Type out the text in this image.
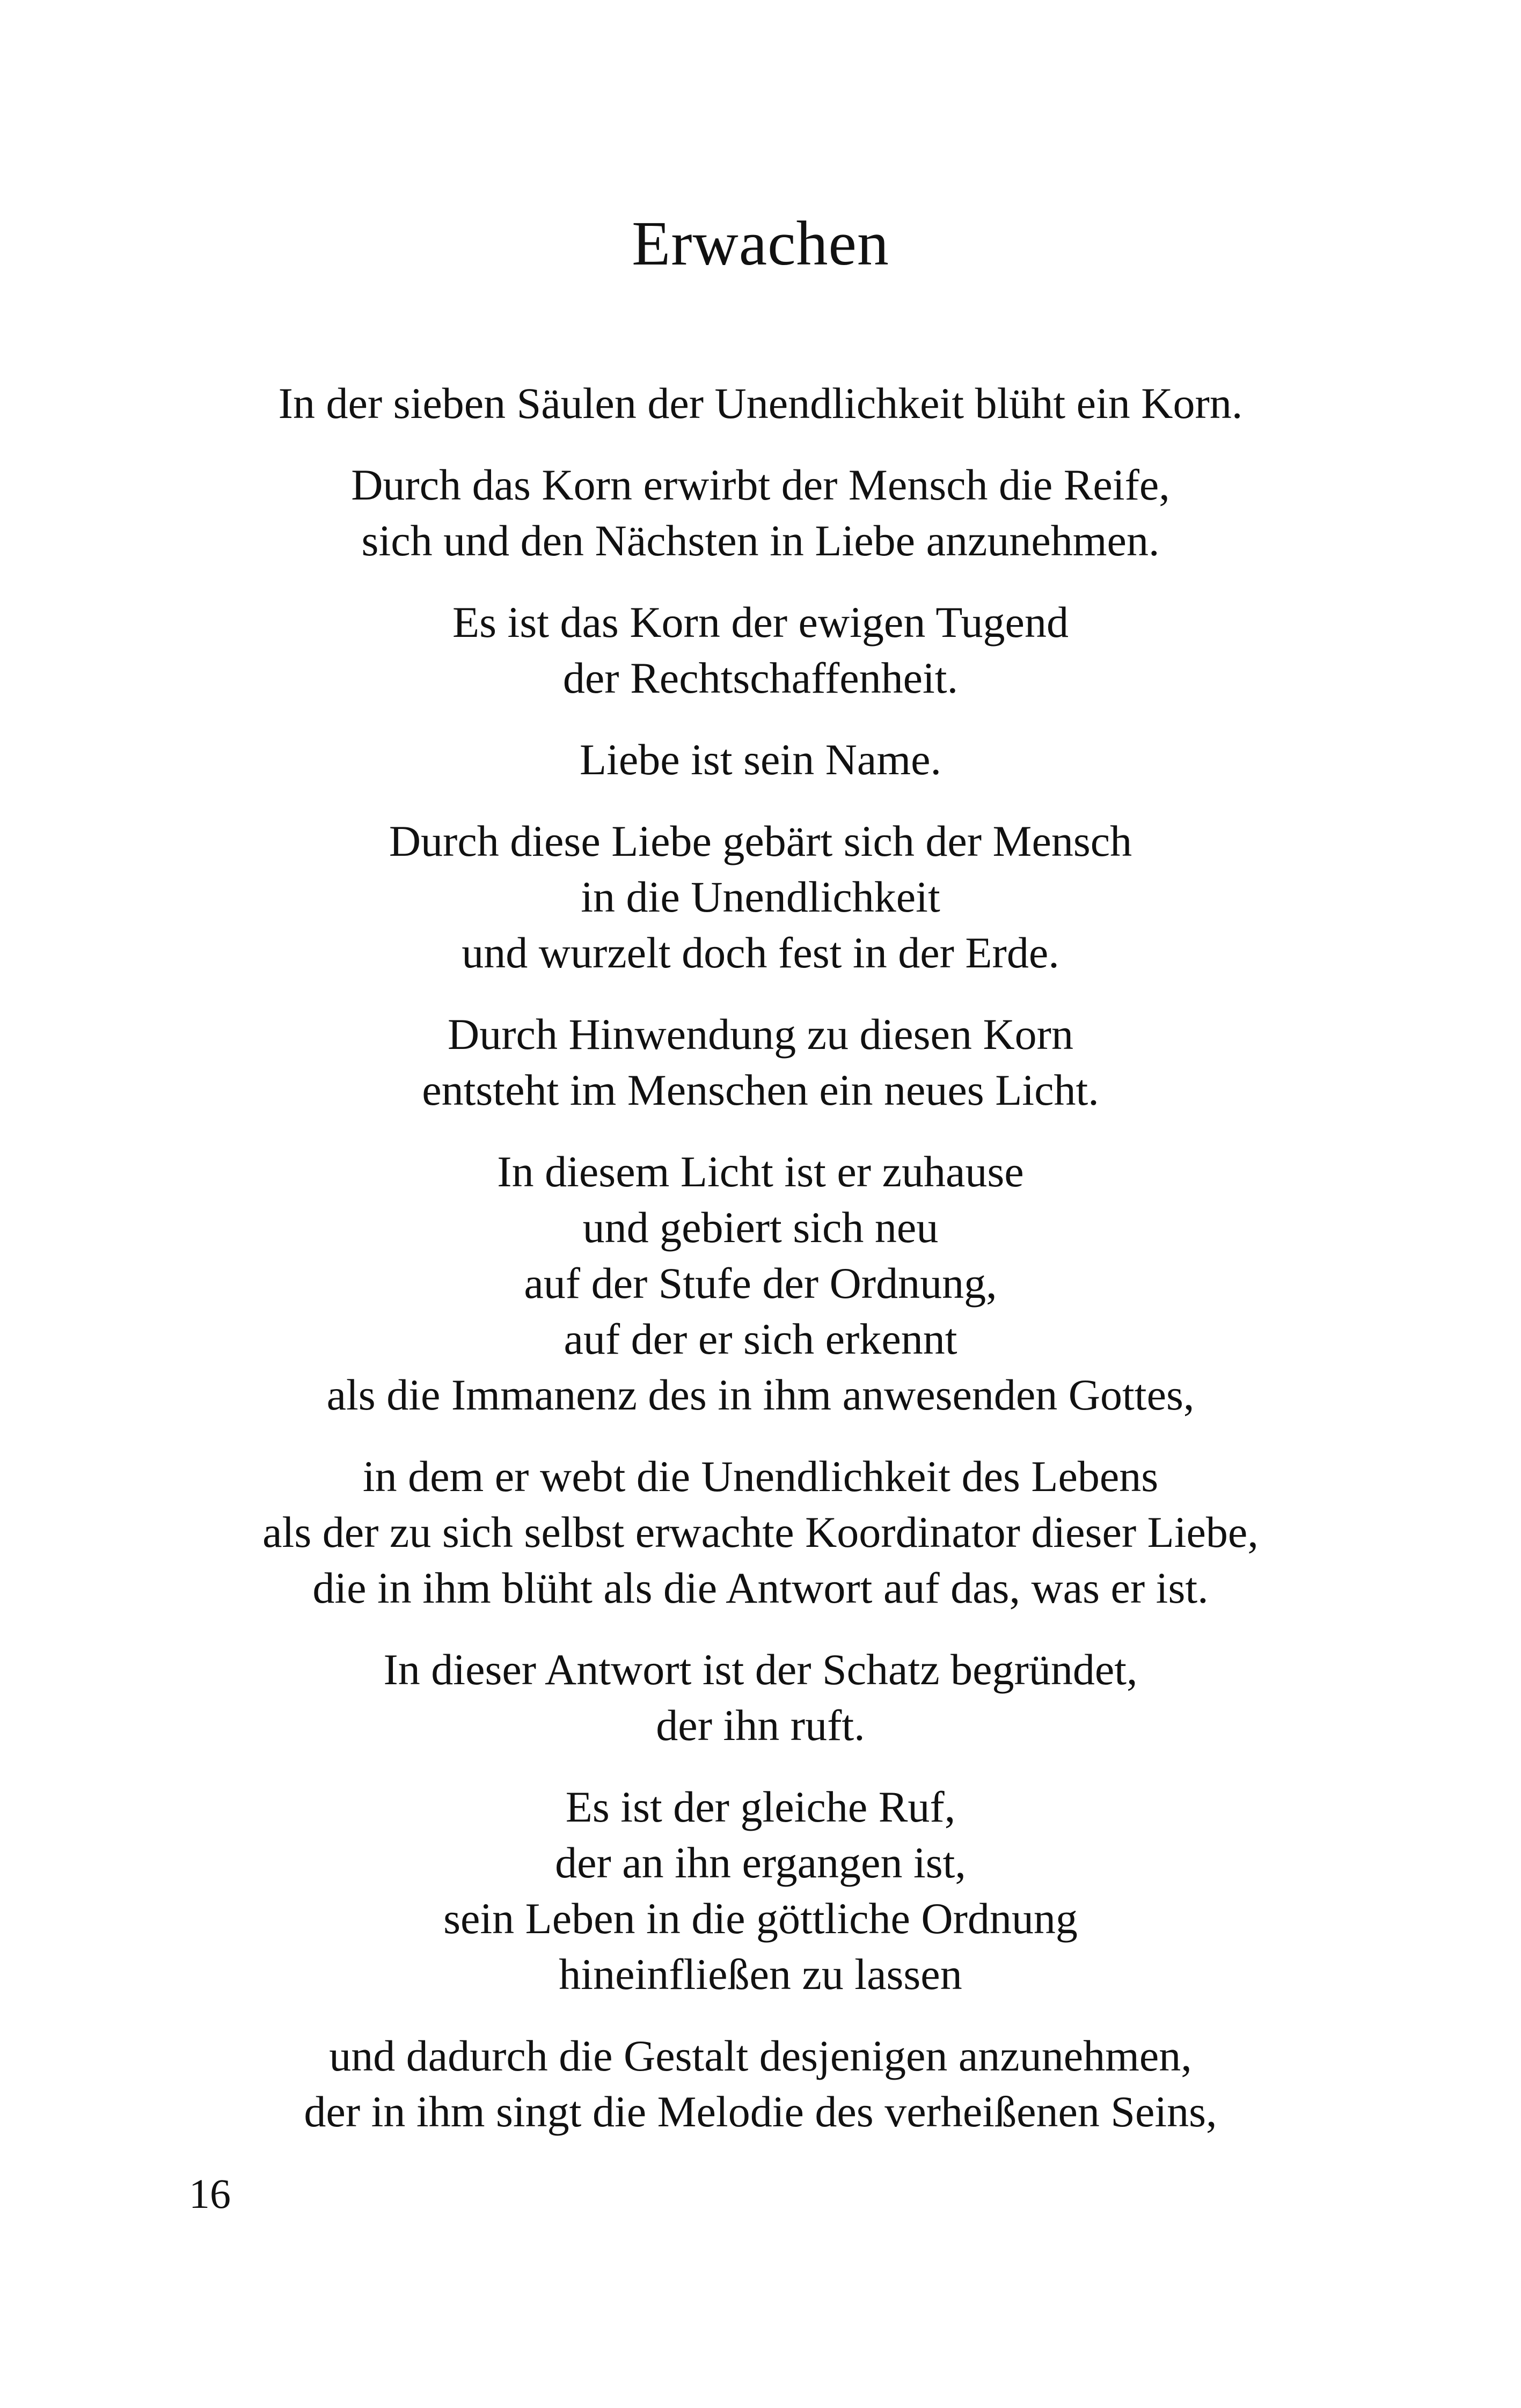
Erwachen
In der sieben Säulen der Unendlichkeit blüht ein Korn.
Durch das Korn erwirbt der Mensch die Reife,
sich und den Nächsten in Liebe anzunehmen.
Es ist das Korn der ewigen Tugend
der Rechtschaffenheit.
Liebe ist sein Name.
Durch diese Liebe gebärt sich der Mensch
in die Unendlichkeit
und wurzelt doch fest in der Erde.
Durch Hinwendung zu diesen Korn
entsteht im Menschen ein neues Licht.
In diesem Licht ist er zuhause
und gebiert sich neu
auf der Stufe der Ordnung,
auf der er sich erkennt
als die Immanenz des in ihm anwesenden Gottes,
in dem er webt die Unendlichkeit des Lebens
als der zu sich selbst erwachte Koordinator dieser Liebe,
die in ihm blüht als die Antwort auf das, was er ist.
In dieser Antwort ist der Schatz begründet,
der ihn ruft.
Es ist der gleiche Ruf,
der an ihn ergangen ist,
sein Leben in die göttliche Ordnung
hineinfließen zu lassen
und dadurch die Gestalt desjenigen anzunehmen,
der in ihm singt die Melodie des verheißenen Seins,
16
